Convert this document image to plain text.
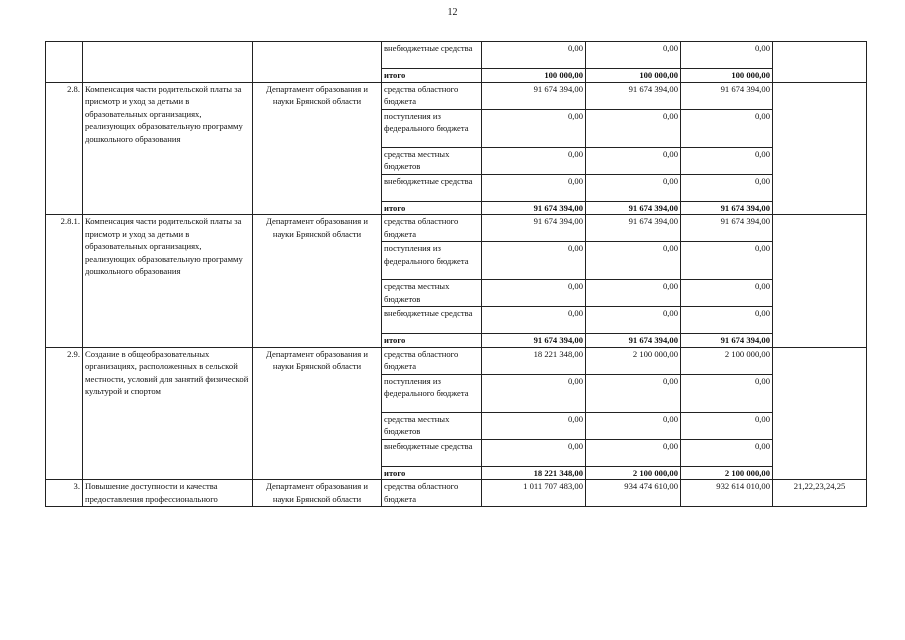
12
			внебюджетные средства	0,00	0,00	0,00	
			итого	100 000,00	100 000,00	100 000,00	
2.8.	Компенсация части родительской платы за присмотр и уход за детьми в образовательных организациях, реализующих образовательную программу дошкольного образования	Департамент образования и науки Брянской области	средства областного бюджета	91 674 394,00	91 674 394,00	91 674 394,00	
			поступления из федерального бюджета	0,00	0,00	0,00	
			средства местных бюджетов	0,00	0,00	0,00	
			внебюджетные средства	0,00	0,00	0,00	
			итого	91 674 394,00	91 674 394,00	91 674 394,00	
2.8.1.	Компенсация части родительской платы за присмотр и уход за детьми в образовательных организациях, реализующих образовательную программу дошкольного образования	Департамент образования и науки Брянской области	средства областного бюджета	91 674 394,00	91 674 394,00	91 674 394,00	
			поступления из федерального бюджета	0,00	0,00	0,00	
			средства местных бюджетов	0,00	0,00	0,00	
			внебюджетные средства	0,00	0,00	0,00	
			итого	91 674 394,00	91 674 394,00	91 674 394,00	
2.9.	Создание в общеобразовательных организациях, расположенных в сельской местности, условий для занятий физической культурой и спортом	Департамент образования и науки Брянской области	средства областного бюджета	18 221 348,00	2 100 000,00	2 100 000,00	
			поступления из федерального бюджета	0,00	0,00	0,00	
			средства местных бюджетов	0,00	0,00	0,00	
			внебюджетные средства	0,00	0,00	0,00	
			итого	18 221 348,00	2 100 000,00	2 100 000,00	
3.	Повышение доступности и качества предоставления профессионального	Департамент образования и науки Брянской области	средства областного бюджета	1 011 707 483,00	934 474 610,00	932 614 010,00	21,22,23,24,25
